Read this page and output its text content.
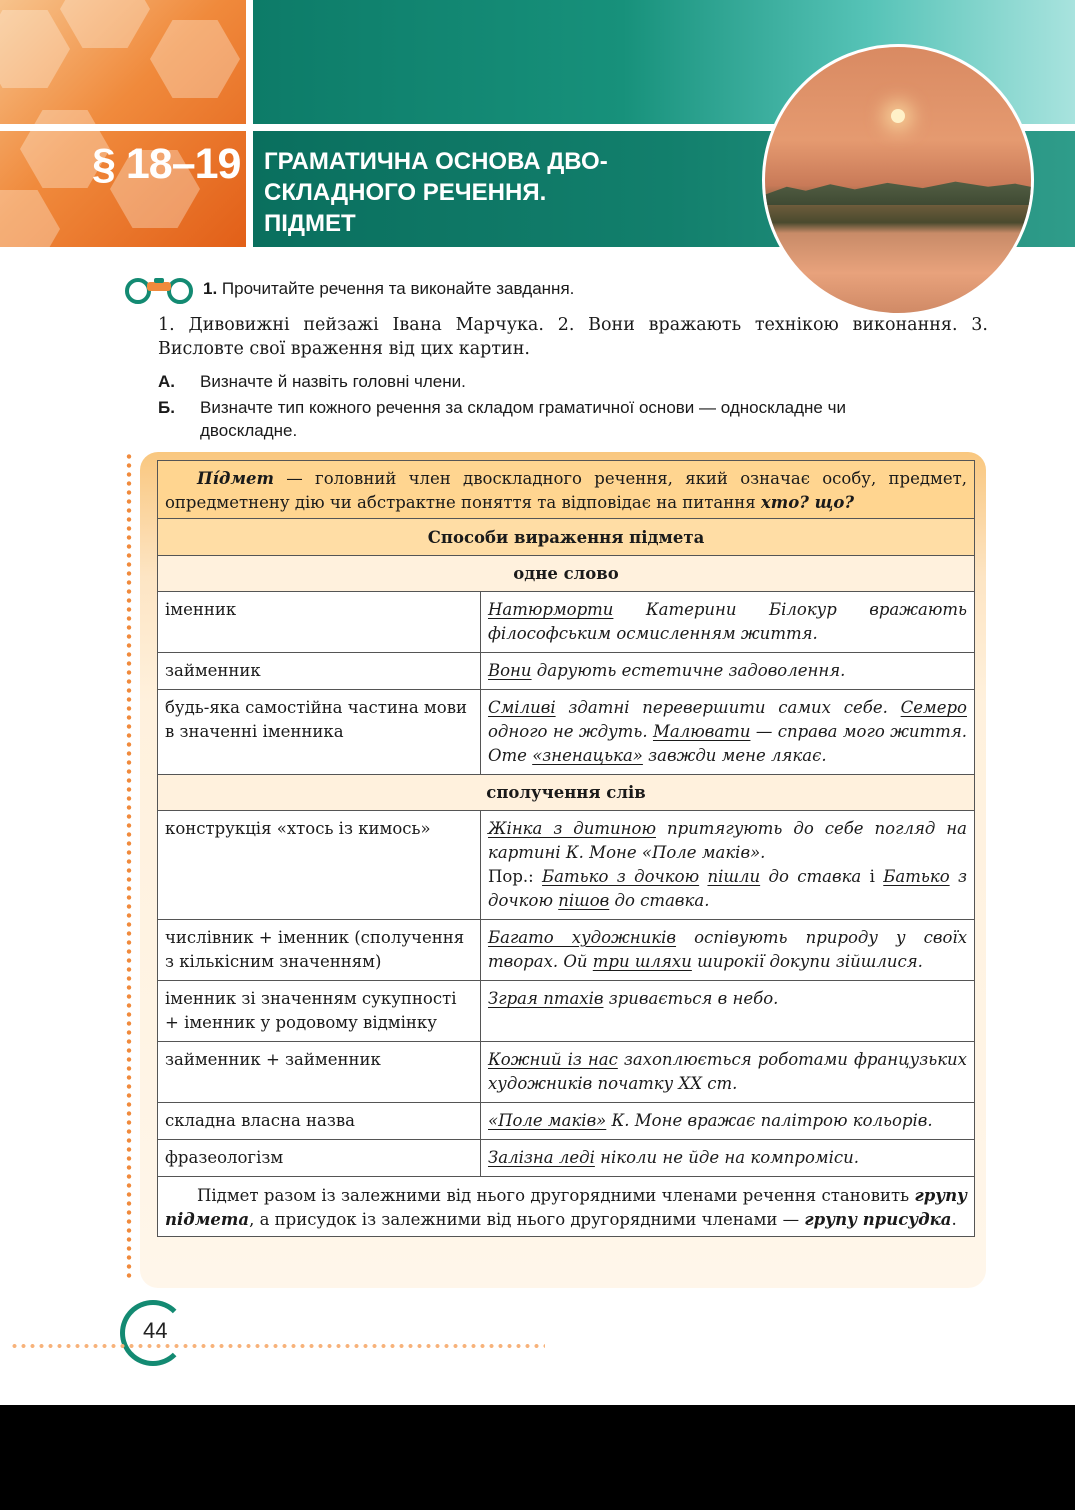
§ 18–19 ГРАМАТИЧНА ОСНОВА ДВО-
СКЛАДНОГО РЕЧЕННЯ.
ПІДМЕТ
1. Прочитайте речення та виконайте завдання.
1. Дивовижні пейзажі Івана Марчука. 2. Вони вражають технікою виконання. 3. Висловте свої враження від цих картин.
А. Визначте й назвіть головні члени.
Б. Визначте тип кожного речення за складом граматичної основи — односкладне чи двоскладне.
Пі́дмет — головний член двоскладного речення, який означає особу, предмет, опредметнену дію чи абстрактне поняття та відповідає на питання хто? що?	
Способи вираження підмета	
одне слово	
іменник	Натюрморти Катерини Білокур вражають філософським осмисленням життя.
займенник	Вони дарують естетичне задоволення.
будь-яка самостійна частина мови в значенні іменника	Сміливі здатні перевершити самих себе. Семеро одного не ждуть. Малювати — справа мого життя. Оте «зненацька» завжди мене лякає.
сполучення слів	
конструкція «хтось із кимось»	Жінка з дитиною притягують до себе погляд на картині К. Моне «Поле маків».
Пор.: Батько з дочкою пішли до ставка і Батько з дочкою пішов до ставка.
числівник + іменник (сполучення з кількісним значенням)	Багато художників оспівують природу у своїх творах. Ой три шляхи широкії докупи зійшлися.
іменник зі значенням сукупності + іменник у родовому відмінку	Зграя птахів зривається в небо.
займенник + займенник	Кожний із нас захоплюється роботами французьких художників початку XX ст.
складна власна назва	«Поле маків» К. Моне вражає палітрою кольорів.
фразеологізм	Залізна леді ніколи не йде на компроміси.
Підмет разом із залежними від нього другорядними членами речення становить групу підмета, а присудок із залежними від нього другорядними членами — групу присудка.	
44
